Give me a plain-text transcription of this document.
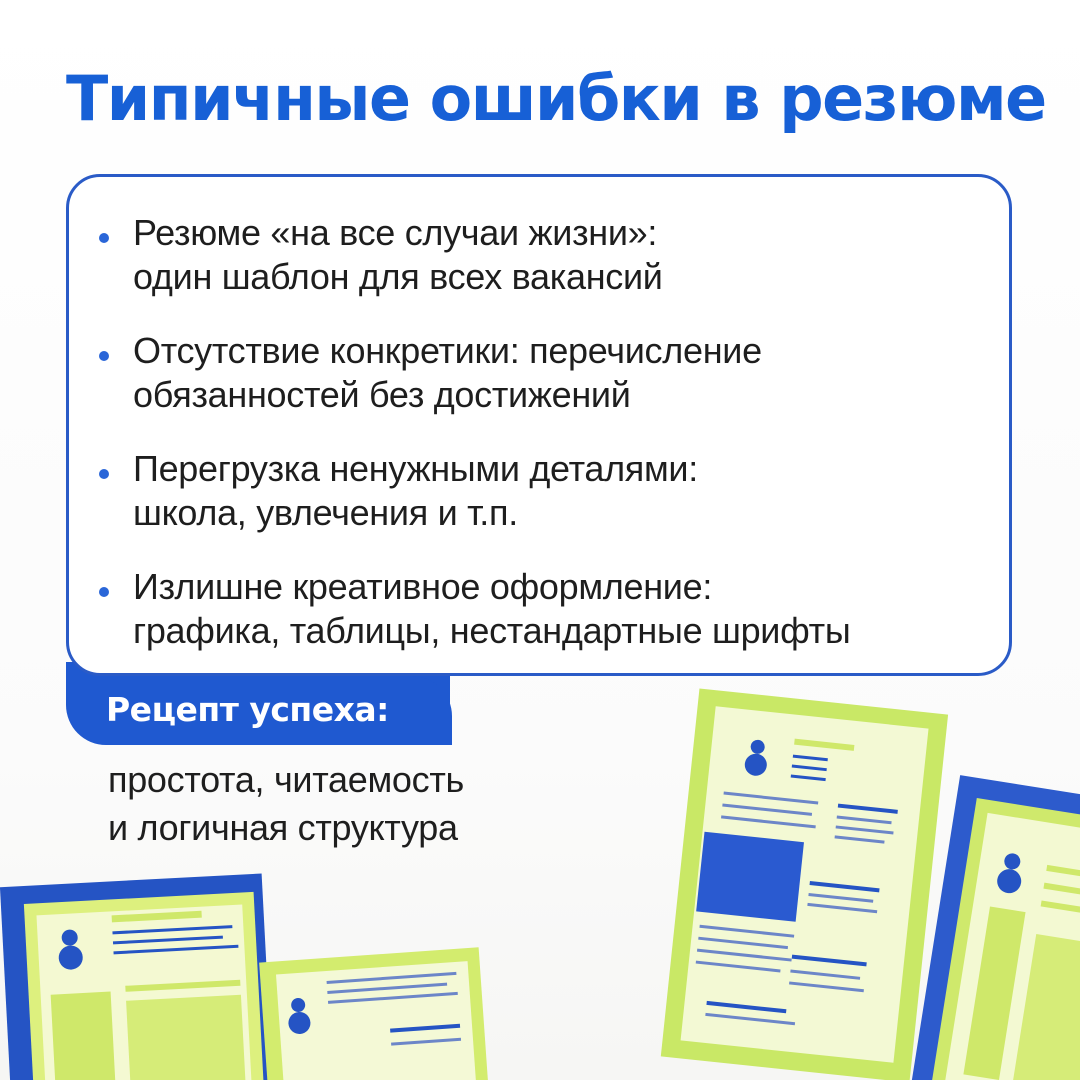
Типичные ошибки в резюме
Резюме «на все случаи жизни»:
один шаблон для всех вакансий
Отсутствие конкретики: перечисление
обязанностей без достижений
Перегрузка ненужными деталями:
школа, увлечения и т.п.
Излишне креативное оформление:
графика, таблицы, нестандартные шрифты

Рецепт успеха:

простота, читаемость
и логичная структура
